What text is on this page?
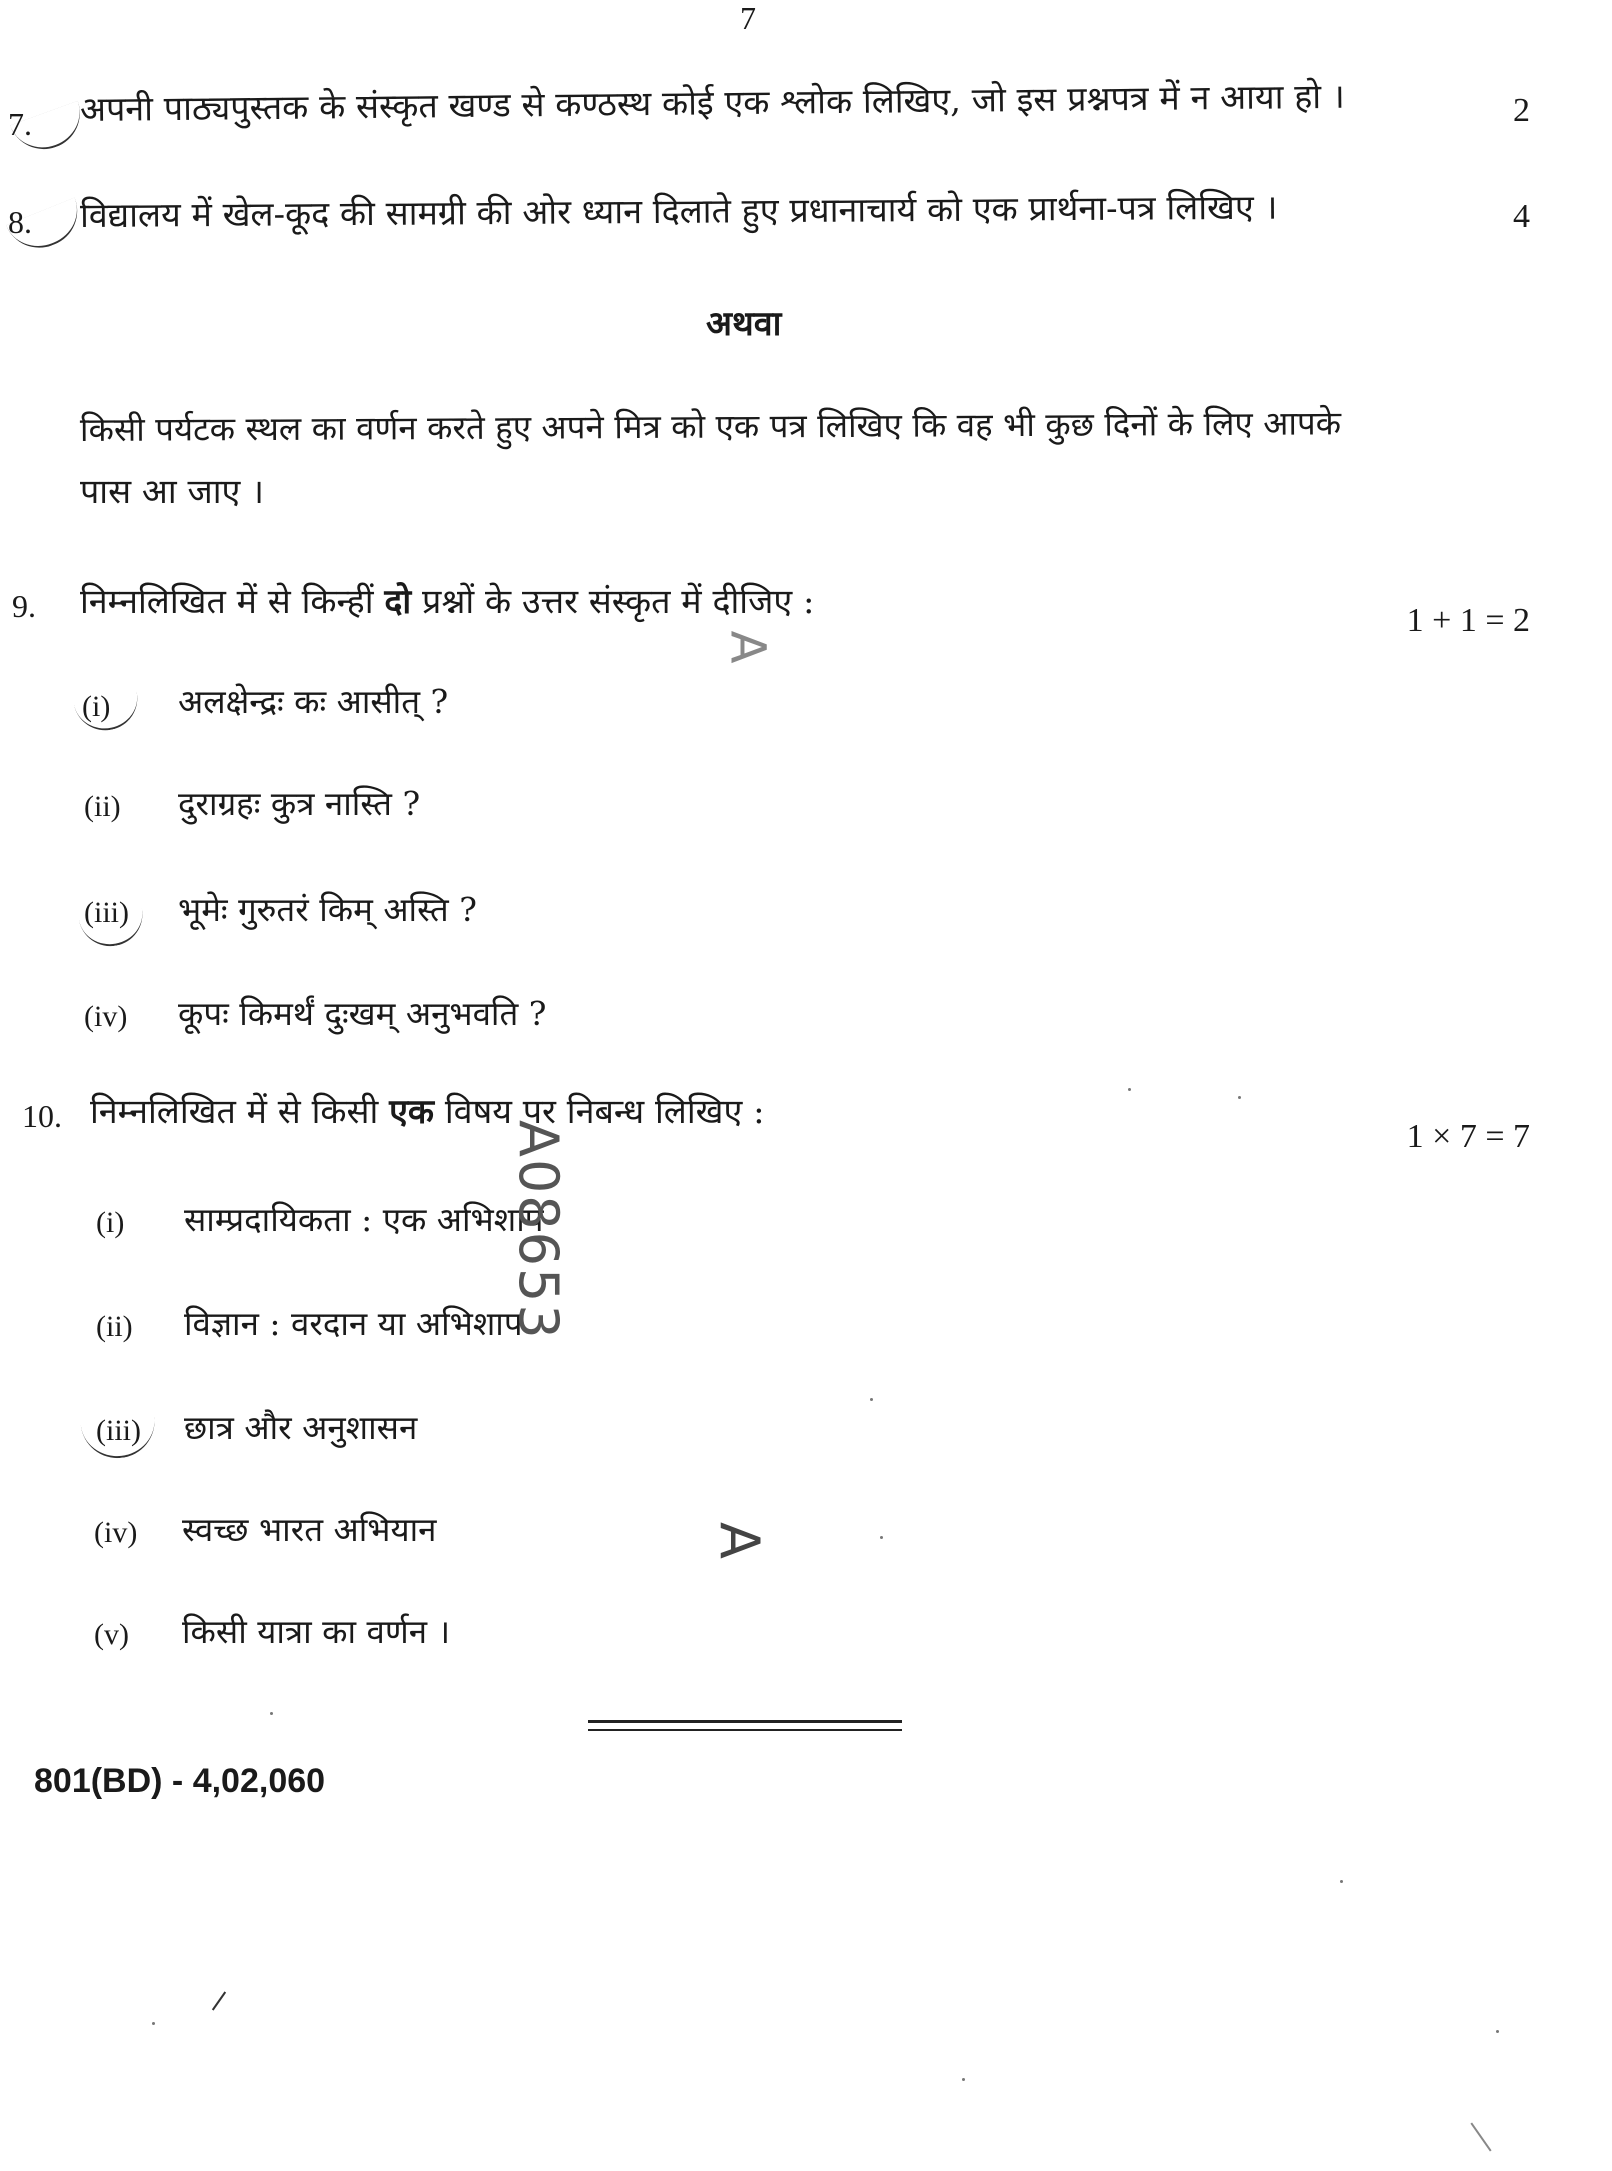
7
7. अपनी पाठ्यपुस्तक के संस्कृत खण्ड से कण्ठस्थ कोई एक श्लोक लिखिए, जो इस प्रश्नपत्र में न आया हो ।	2
8. विद्यालय में खेल-कूद की सामग्री की ओर ध्यान दिलाते हुए प्रधानाचार्य को एक प्रार्थना-पत्र लिखिए ।	4
अथवा
किसी पर्यटक स्थल का वर्णन करते हुए अपने मित्र को एक पत्र लिखिए कि वह भी कुछ दिनों के लिए आपके
पास आ जाए ।
9. निम्नलिखित में से किन्हीं दो प्रश्नों के उत्तर संस्कृत में दीजिए :	1 + 1 = 2
(i) अलक्षेन्द्रः कः आसीत् ?
(ii) दुराग्रहः कुत्र नास्ति ?
(iii) भूमेः गुरुतरं किम् अस्ति ?
(iv) कूपः किमर्थं दुःखम् अनुभवति ?
10. निम्नलिखित में से किसी एक विषय पर निबन्ध लिखिए :
1 × 7 = 7
(i) साम्प्रदायिकता : एक अभिशाप
(ii) विज्ञान : वरदान या अभिशाप
(iii) छात्र और अनुशासन
(iv) स्वच्छ भारत अभियान
(v) किसी यात्रा का वर्णन ।
A08653
A
A
801(BD) - 4,02,060
